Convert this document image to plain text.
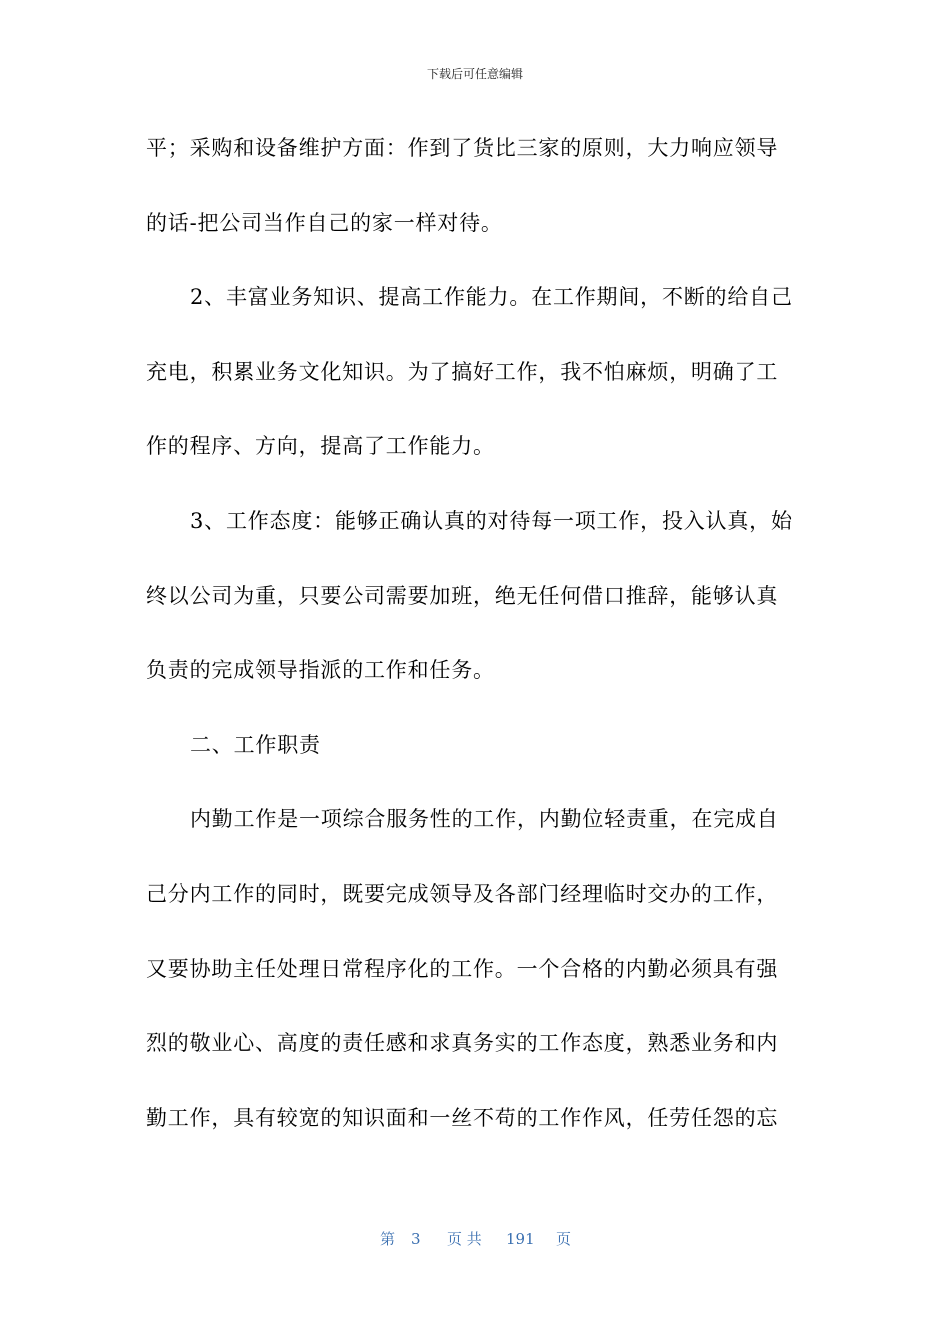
下载后可任意编辑
平；采购和设备维护方面：作到了货比三家的原则，大力响应领导
的话-把公司当作自己的家一样对待。
2、丰富业务知识、提高工作能力。在工作期间，不断的给自己
充电，积累业务文化知识。为了搞好工作，我不怕麻烦，明确了工
作的程序、方向，提高了工作能力。
3、工作态度：能够正确认真的对待每一项工作，投入认真，始
终以公司为重，只要公司需要加班，绝无任何借口推辞，能够认真
负责的完成领导指派的工作和任务。
二、工作职责
内勤工作是一项综合服务性的工作，内勤位轻责重，在完成自
己分内工作的同时，既要完成领导及各部门经理临时交办的工作，
又要协助主任处理日常程序化的工作。一个合格的内勤必须具有强
烈的敬业心、高度的责任感和求真务实的工作态度，熟悉业务和内
勤工作，具有较宽的知识面和一丝不苟的工作作风，任劳任怨的忘
第 3 页 共 191 页
